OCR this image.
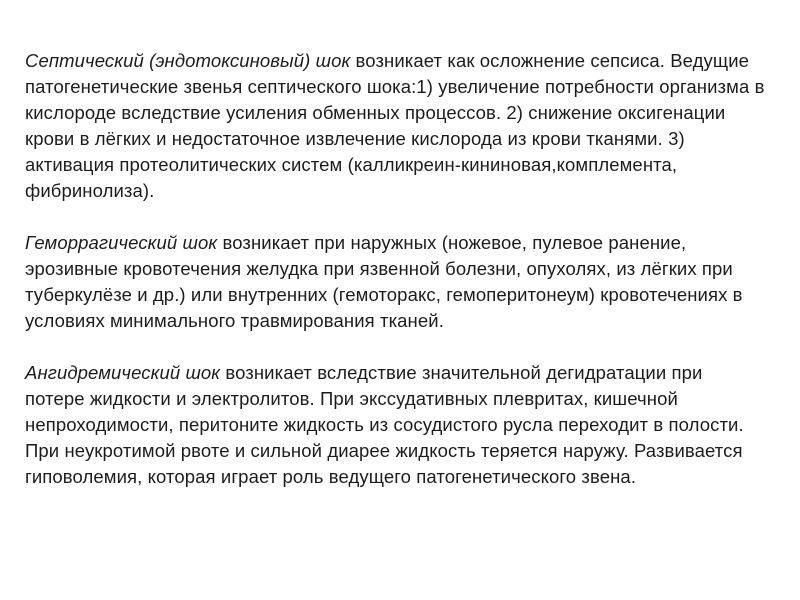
Септический (эндотоксиновый) шок возникает как осложнение сепсиса. Ведущие патогенетические звенья септического шока:1) увеличение потребности организма в кислороде вследствие усиления обменных процессов. 2) снижение оксигенации крови в лёгких и недостаточное извлечение кислорода из крови тканями. 3) активация протеолитических систем (калликреин-кининовая,комплемента, фибринолиза).

Геморрагический шок возникает при наружных (ножевое, пулевое ранение, эрозивные кровотечения желудка при язвенной болезни, опухолях, из лёгких при туберкулёзе и др.) или внутренних (гемоторакс, гемоперитонеум) кровотечениях в условиях минимального травмирования тканей.

Ангидремический шок возникает вследствие значительной дегидратации при потере жидкости и электролитов. При экссудативных плевритах, кишечной непроходимости, перитоните жидкость из сосудистого русла переходит в полости. При неукротимой рвоте и сильной диарее жидкость теряется наружу. Развивается гиповолемия, которая играет роль ведущего патогенетического звена.
